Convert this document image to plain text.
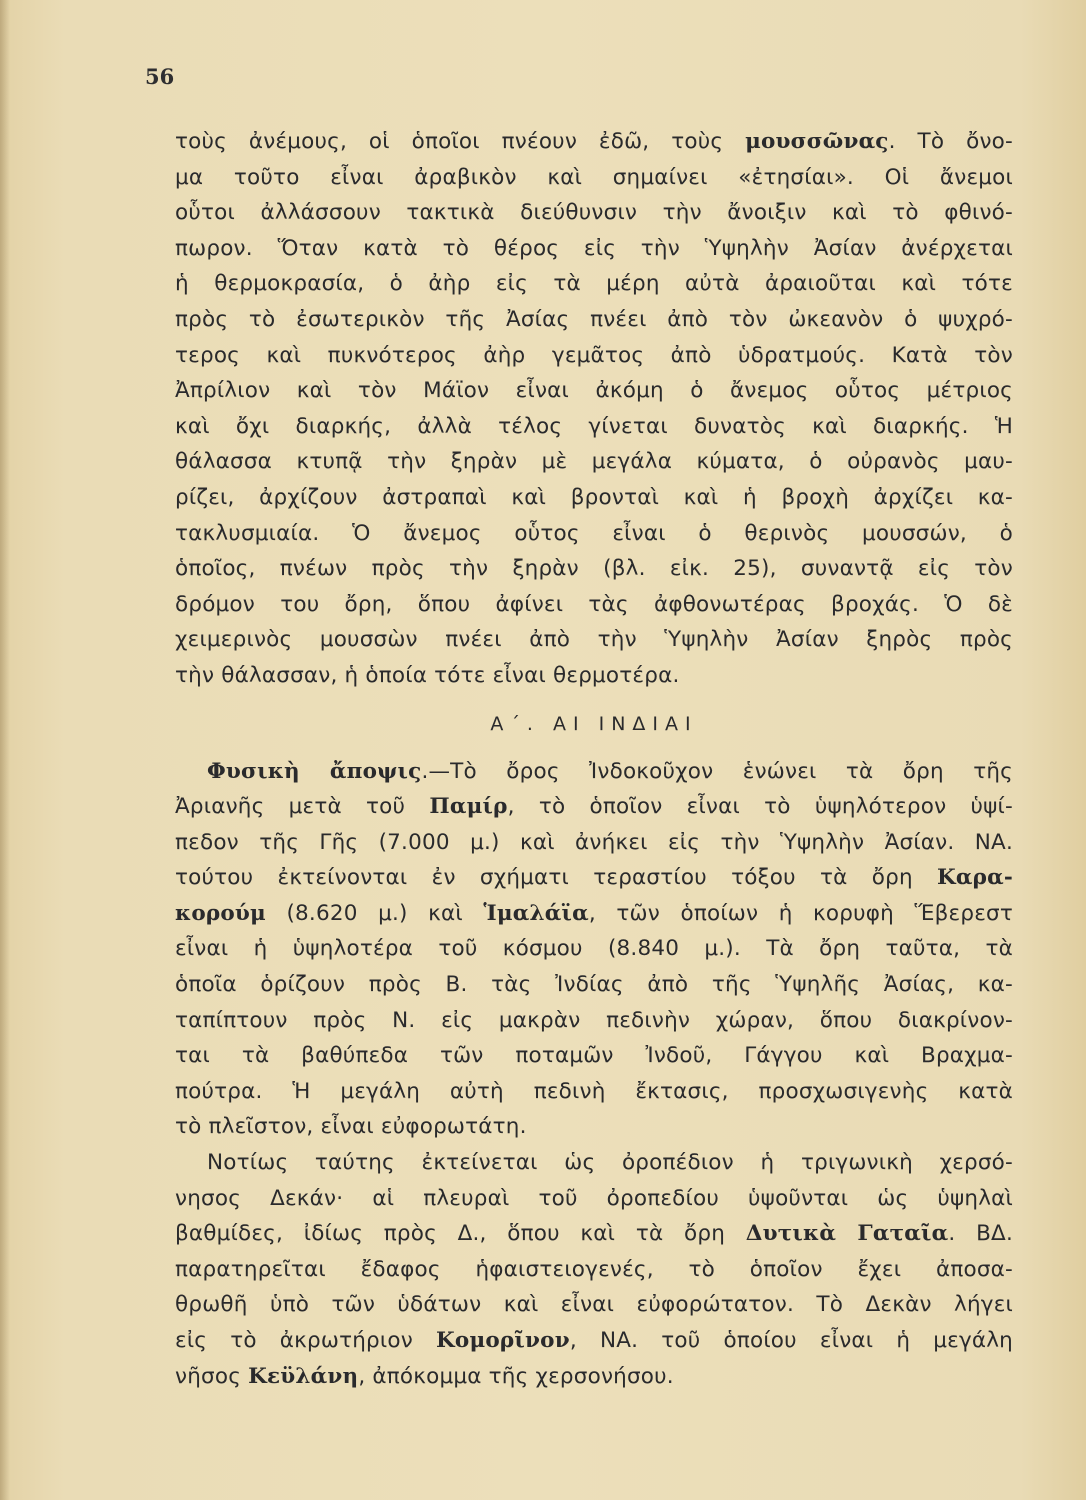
56
τοὺς ἀνέμους, οἱ ὁποῖοι πνέουν ἐδῶ, τοὺς μουσσῶνας. Τὸ ὄνο-
μα τοῦτο εἶναι ἀραβικὸν καὶ σημαίνει «ἐτησίαι». Οἱ ἄνεμοι
οὗτοι ἀλλάσσουν τακτικὰ διεύθυνσιν τὴν ἄνοιξιν καὶ τὸ φθινό-
πωρον. Ὅταν κατὰ τὸ θέρος εἰς τὴν Ὑψηλὴν Ἀσίαν ἀνέρχεται
ἡ θερμοκρασία, ὁ ἀὴρ εἰς τὰ μέρη αὐτὰ ἀραιοῦται καὶ τότε
πρὸς τὸ ἐσωτερικὸν τῆς Ἀσίας πνέει ἀπὸ τὸν ὠκεανὸν ὁ ψυχρό-
τερος καὶ πυκνότερος ἀὴρ γεμᾶτος ἀπὸ ὑδρατμούς. Κατὰ τὸν
Ἀπρίλιον καὶ τὸν Μάϊον εἶναι ἀκόμη ὁ ἄνεμος οὗτος μέτριος
καὶ ὄχι διαρκής, ἀλλὰ τέλος γίνεται δυνατὸς καὶ διαρκής. Ἡ
θάλασσα κτυπᾷ τὴν ξηρὰν μὲ μεγάλα κύματα, ὁ οὐρανὸς μαυ-
ρίζει, ἀρχίζουν ἀστραπαὶ καὶ βρονταὶ καὶ ἡ βροχὴ ἀρχίζει κα-
τακλυσμιαία. Ὁ ἄνεμος οὗτος εἶναι ὁ θερινὸς μουσσών, ὁ
ὁποῖος, πνέων πρὸς τὴν ξηρὰν (βλ. εἰκ. 25), συναντᾷ εἰς τὸν
δρόμον του ὄρη, ὅπου ἀφίνει τὰς ἀφθονωτέρας βροχάς. Ὁ δὲ
χειμερινὸς μουσσὼν πνέει ἀπὸ τὴν Ὑψηλὴν Ἀσίαν ξηρὸς πρὸς
τὴν θάλασσαν, ἡ ὁποία τότε εἶναι θερμοτέρα.
Α΄. ΑΙ ΙΝΔΙΑΙ
Φυσικὴ ἄποψις.—Τὸ ὄρος Ἰνδοκοῦχον ἑνώνει τὰ ὄρη τῆς
Ἀριανῆς μετὰ τοῦ Παμίρ, τὸ ὁποῖον εἶναι τὸ ὑψηλότερον ὑψί-
πεδον τῆς Γῆς (7.000 μ.) καὶ ἀνήκει εἰς τὴν Ὑψηλὴν Ἀσίαν. ΝΑ.
τούτου ἐκτείνονται ἐν σχήματι τεραστίου τόξου τὰ ὄρη Καρα-
κορούμ (8.620 μ.) καὶ Ἱμαλάϊα, τῶν ὁποίων ἡ κορυφὴ Ἕβερεστ
εἶναι ἡ ὑψηλοτέρα τοῦ κόσμου (8.840 μ.). Τὰ ὄρη ταῦτα, τὰ
ὁποῖα ὁρίζουν πρὸς Β. τὰς Ἰνδίας ἀπὸ τῆς Ὑψηλῆς Ἀσίας, κα-
ταπίπτουν πρὸς Ν. εἰς μακρὰν πεδινὴν χώραν, ὅπου διακρίνον-
ται τὰ βαθύπεδα τῶν ποταμῶν Ἰνδοῦ, Γάγγου καὶ Βραχμα-
πούτρα. Ἡ μεγάλη αὐτὴ πεδινὴ ἔκτασις, προσχωσιγενὴς κατὰ
τὸ πλεῖστον, εἶναι εὐφορωτάτη.
Νοτίως ταύτης ἐκτείνεται ὡς ὀροπέδιον ἡ τριγωνικὴ χερσό-
νησος Δεκάν· αἱ πλευραὶ τοῦ ὀροπεδίου ὑψοῦνται ὡς ὑψηλαὶ
βαθμίδες, ἰδίως πρὸς Δ., ὅπου καὶ τὰ ὄρη Δυτικὰ Γαταῖα. ΒΔ.
παρατηρεῖται ἔδαφος ἡφαιστειογενές, τὸ ὁποῖον ἔχει ἀποσα-
θρωθῆ ὑπὸ τῶν ὑδάτων καὶ εἶναι εὐφορώτατον. Τὸ Δεκὰν λήγει
εἰς τὸ ἀκρωτήριον Κομορῖνον, ΝΑ. τοῦ ὁποίου εἶναι ἡ μεγάλη
νῆσος Κεϋλάνη, ἀπόκομμα τῆς χερσονήσου.
